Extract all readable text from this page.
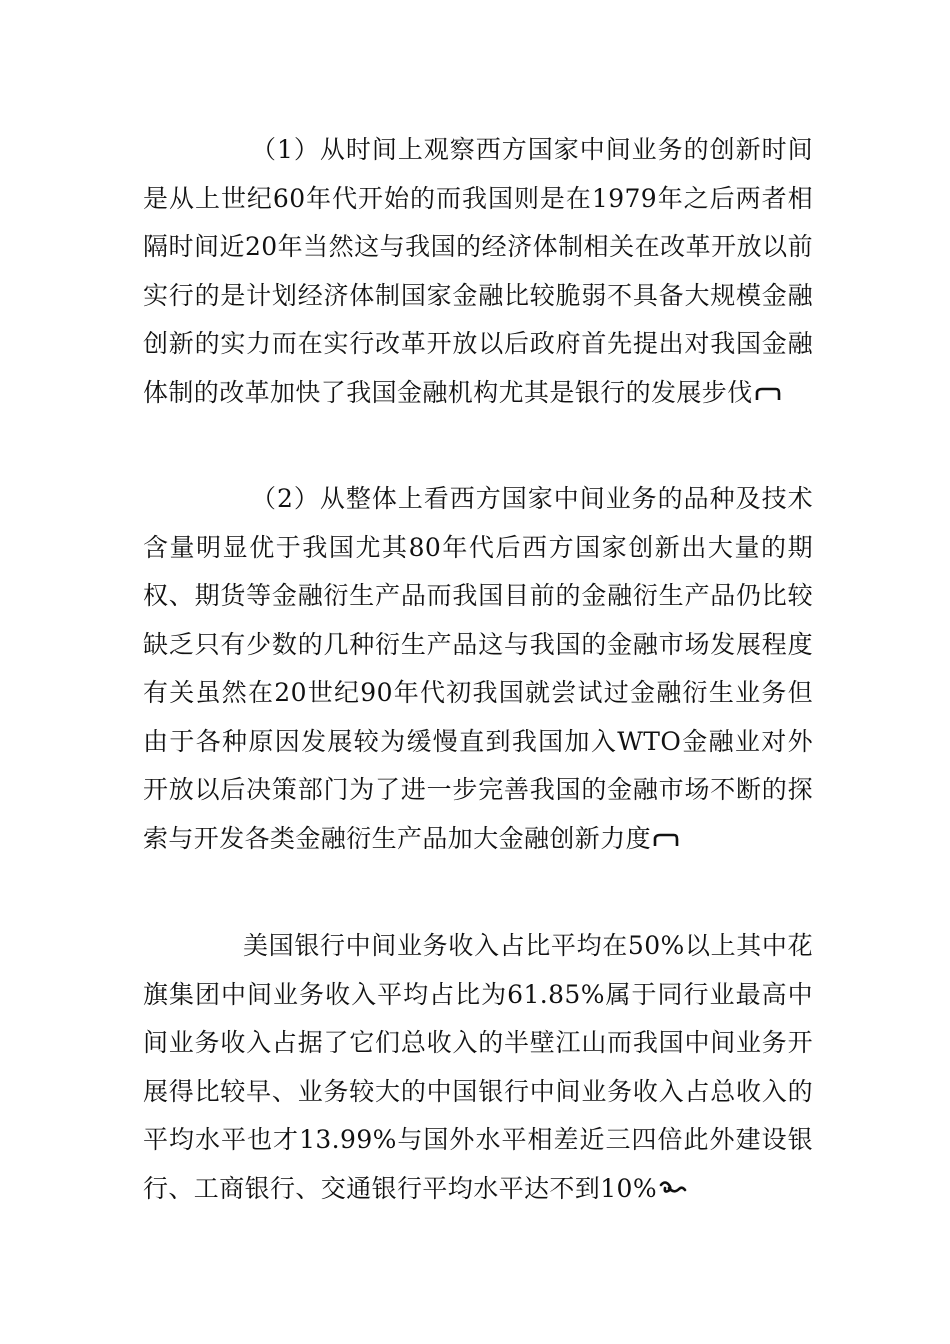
（1）从时间上观察西方国家中间业务的创新时间是从上世纪60年代开始的而我国则是在1979年之后两者相隔时间近20年当然这与我国的经济体制相关在改革开放以前实行的是计划经济体制国家金融比较脆弱不具备大规模金融创新的实力而在实行改革开放以后政府首先提出对我国金融体制的改革加快了我国金融机构尤其是银行的发展步伐

（2）从整体上看西方国家中间业务的品种及技术含量明显优于我国尤其80年代后西方国家创新出大量的期权、期货等金融衍生产品而我国目前的金融衍生产品仍比较缺乏只有少数的几种衍生产品这与我国的金融市场发展程度有关虽然在20世纪90年代初我国就尝试过金融衍生业务但由于各种原因发展较为缓慢直到我国加入WTO金融业对外开放以后决策部门为了进一步完善我国的金融市场不断的探索与开发各类金融衍生产品加大金融创新力度

美国银行中间业务收入占比平均在50%以上其中花旗集团中间业务收入平均占比为61.85%属于同行业最高中间业务收入占据了它们总收入的半壁江山而我国中间业务开展得比较早、业务较大的中国银行中间业务收入占总收入的平均水平也才13.99%与国外水平相差近三四倍此外建设银行、工商银行、交通银行平均水平达不到10%
